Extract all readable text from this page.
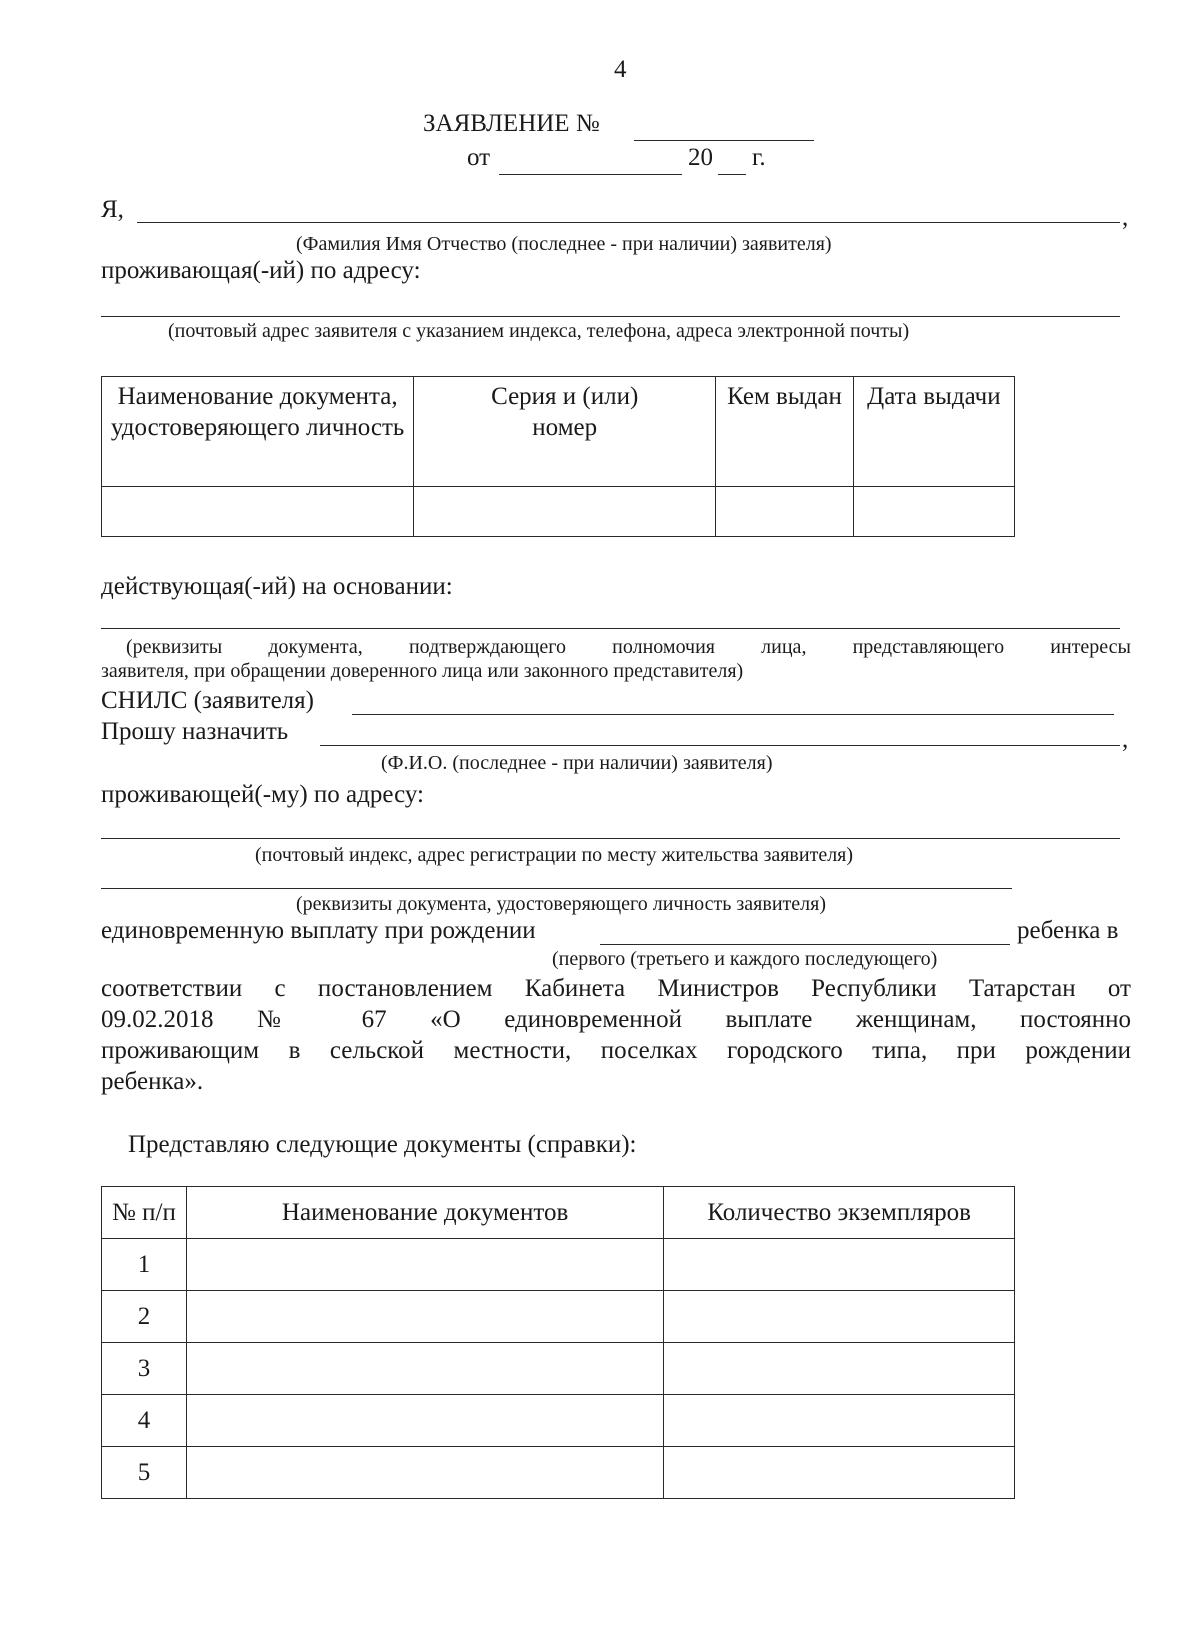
4
ЗАЯВЛЕНИЕ №
от	20 г.
Я,	,
(Фамилия Имя Отчество (последнее - при наличии) заявителя)
проживающая(-ий) по адресу:
(почтовый адрес заявителя с указанием индекса, телефона, адреса электронной почты)
Наименование документа, удостоверяющего личность	Серия и (или) номер	Кем выдан	Дата выдачи

действующая(-ий) на основании:
(реквизиты документа, подтверждающего полномочия лица, представляющего интересы
заявителя, при обращении доверенного лица или законного представителя)
СНИЛС (заявителя)
Прошу назначить	,
(Ф.И.О. (последнее - при наличии) заявителя)
проживающей(-му) по адресу:
(почтовый индекс, адрес регистрации по месту жительства заявителя)
(реквизиты документа, удостоверяющего личность заявителя)
единовременную выплату при рождении	ребенка в
(первого (третьего и каждого последующего)
соответствии с постановлением Кабинета Министров Республики Татарстан от
09.02.2018 № 67 «О единовременной выплате женщинам, постоянно
проживающим в сельской местности, поселках городского типа, при рождении
ребенка».
Представляю следующие документы (справки):
№ п/п	Наименование документов	Количество экземпляров
1		
2		
3		
4		
5		
